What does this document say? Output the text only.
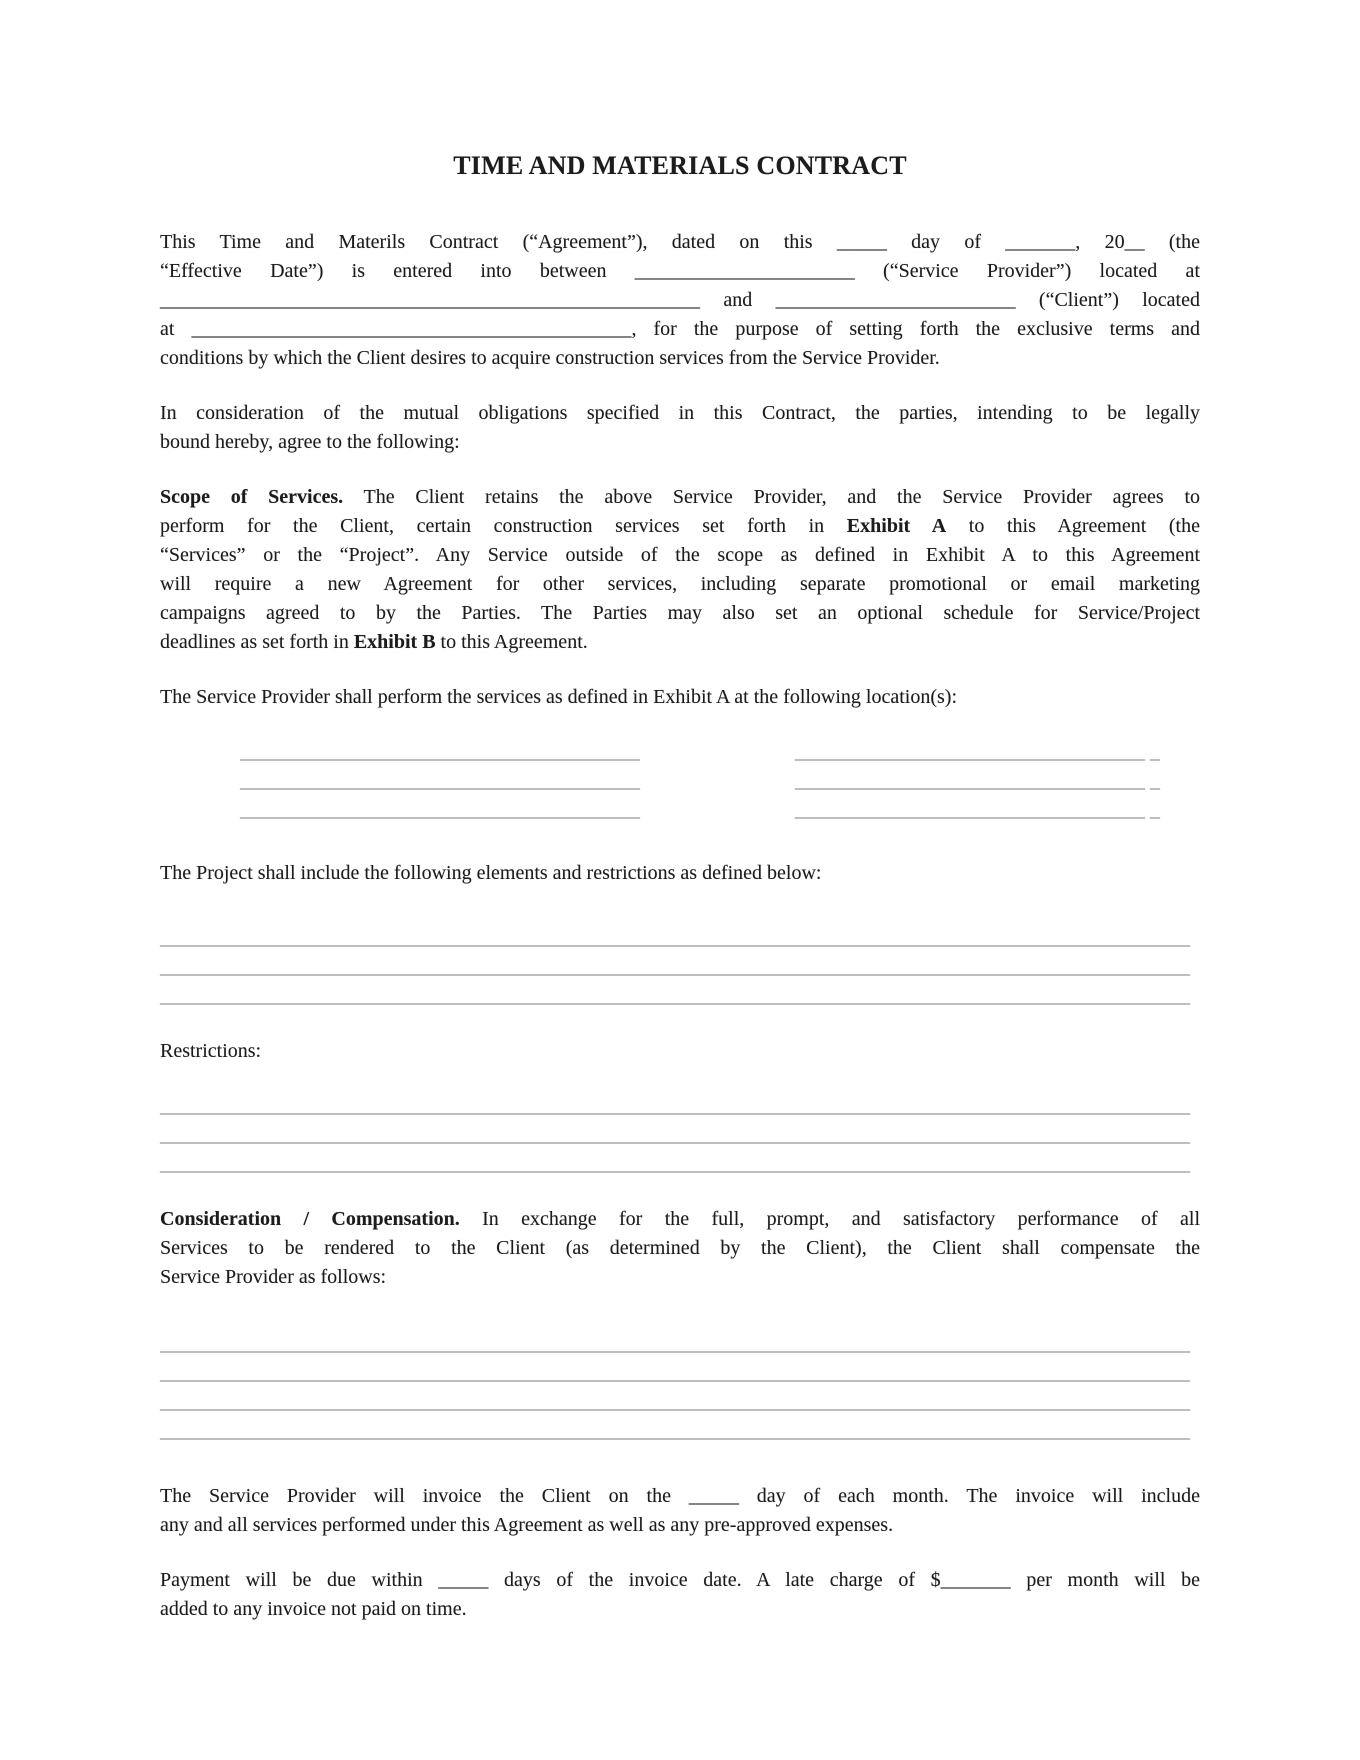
TIME AND MATERIALS CONTRACT
This Time and Materils Contract (“Agreement”), dated on this _____ day of _______, 20__ (the
“Effective Date”) is entered into between ______________________ (“Service Provider”) located at
______________________________________________________ and ________________________ (“Client”) located
at ____________________________________________, for the purpose of setting forth the exclusive terms and
conditions by which the Client desires to acquire construction services from the Service Provider.
In consideration of the mutual obligations specified in this Contract, the parties, intending to be legally
bound hereby, agree to the following:
Scope of Services. The Client retains the above Service Provider, and the Service Provider agrees to
perform for the Client, certain construction services set forth in Exhibit A to this Agreement (the
“Services” or the “Project”. Any Service outside of the scope as defined in Exhibit A to this Agreement
will require a new Agreement for other services, including separate promotional or email marketing
campaigns agreed to by the Parties. The Parties may also set an optional schedule for Service/Project
deadlines as set forth in Exhibit B to this Agreement.
The Service Provider shall perform the services as defined in Exhibit A at the following location(s):
________________________________________	___________________________________ _
________________________________________	___________________________________ _
________________________________________	___________________________________ _
The Project shall include the following elements and restrictions as defined below:
_______________________________________________________________________________________________________
_______________________________________________________________________________________________________
_______________________________________________________________________________________________________
Restrictions:
_______________________________________________________________________________________________________
_______________________________________________________________________________________________________
_______________________________________________________________________________________________________
Consideration / Compensation. In exchange for the full, prompt, and satisfactory performance of all
Services to be rendered to the Client (as determined by the Client), the Client shall compensate the
Service Provider as follows:
_______________________________________________________________________________________________________
_______________________________________________________________________________________________________
_______________________________________________________________________________________________________
_______________________________________________________________________________________________________
The Service Provider will invoice the Client on the _____ day of each month. The invoice will include
any and all services performed under this Agreement as well as any pre-approved expenses.
Payment will be due within _____ days of the invoice date. A late charge of $_______ per month will be
added to any invoice not paid on time.
